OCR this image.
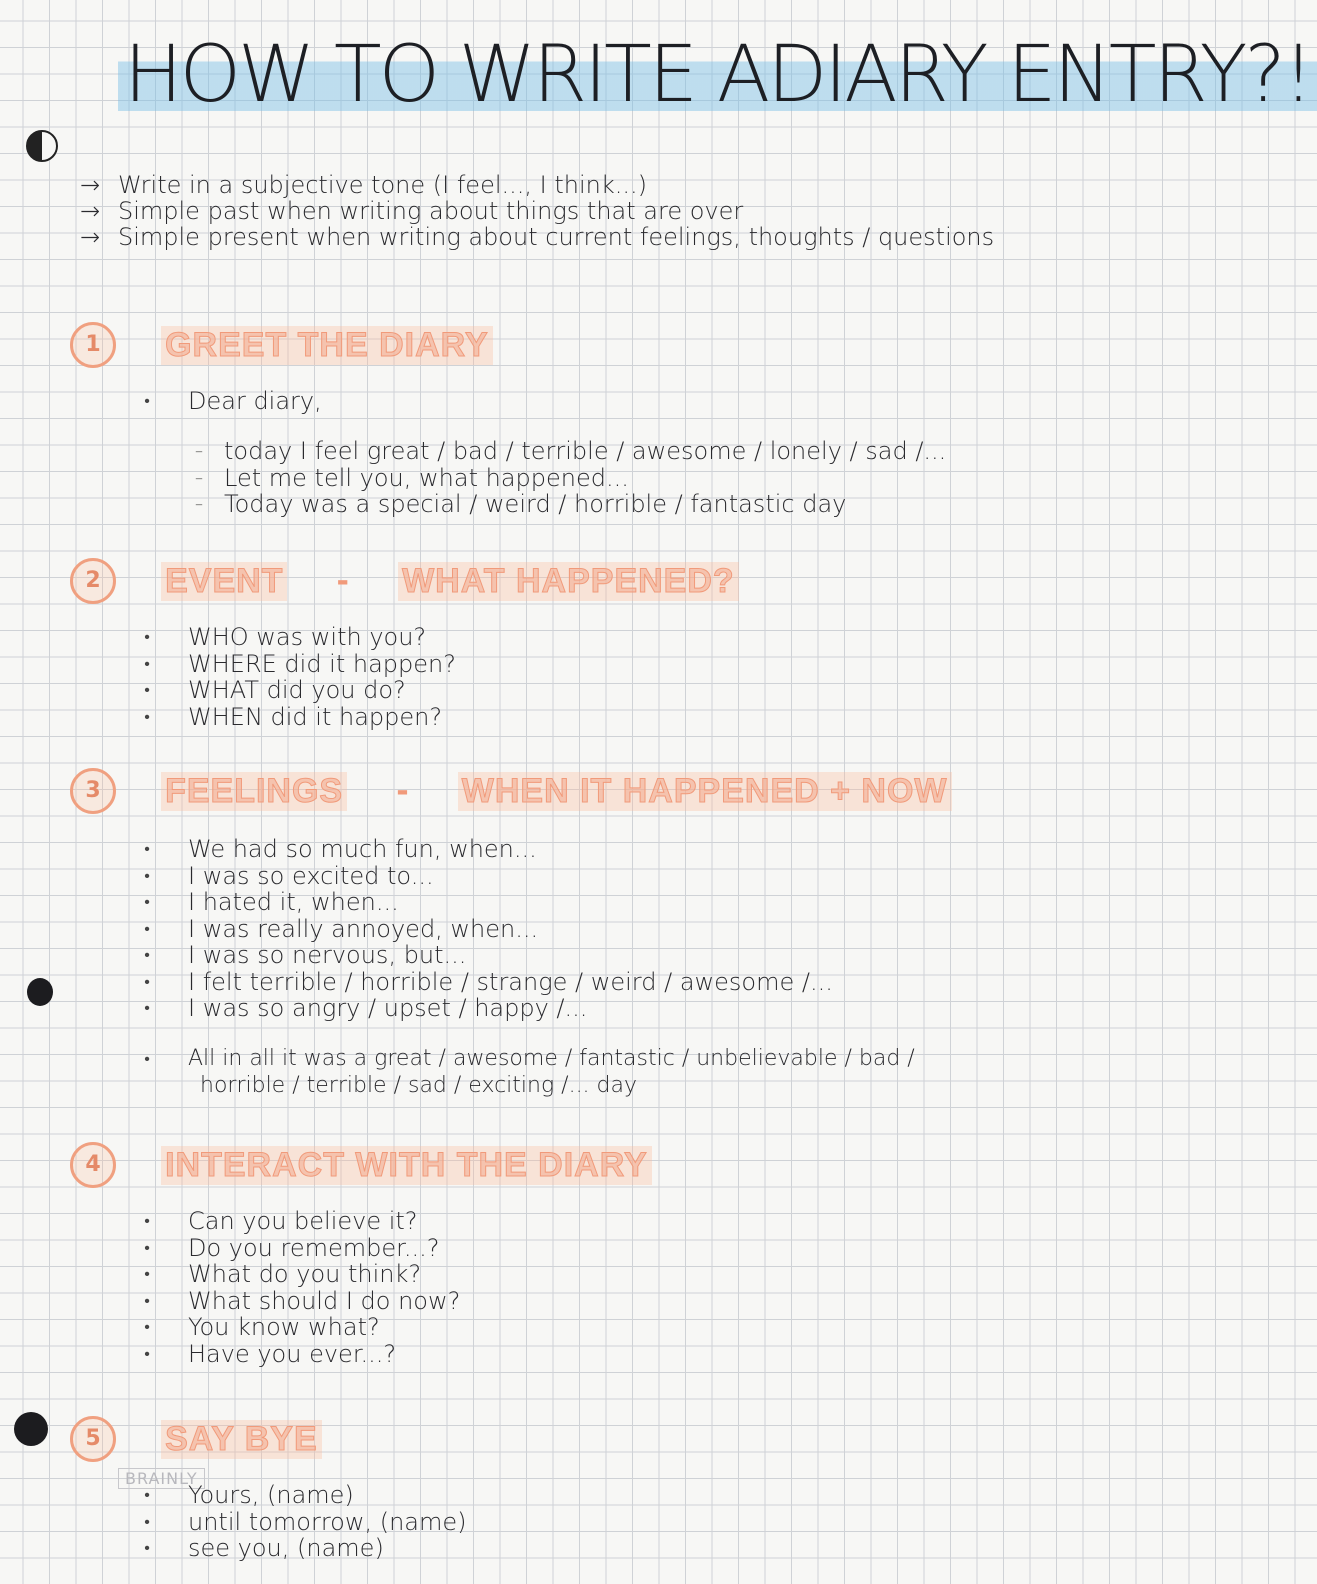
HOW TO WRITE ADIARY ENTRY?!
→ Write in a subjective tone (I feel..., I think...)
→ Simple past when writing about things that are over
→ Simple present when writing about current feelings, thoughts / questions
1 GREET THE DIARY
• Dear diary,
– today I feel great / bad / terrible / awesome / lonely / sad /...
– Let me tell you, what happened...
– Today was a special / weird / horrible / fantastic day
2 EVENT - WHAT HAPPENED?
• WHO was with you?
• WHERE did it happen?
• WHAT did you do?
• WHEN did it happen?
3 FEELINGS - WHEN IT HAPPENED + NOW
• We had so much fun, when...
• I was so excited to...
• I hated it, when...
• I was really annoyed, when...
• I was so nervous, but...
• I felt terrible / horrible / strange / weird / awesome /...
• I was so angry / upset / happy /...
• All in all it was a great / awesome / fantastic / unbelievable / bad /
horrible / terrible / sad / exciting /... day
4 INTERACT WITH THE DIARY
• Can you believe it?
• Do you remember...?
• What do you think?
• What should I do now?
• You know what?
• Have you ever...?
5 SAY BYE
BRAINLY
• Yours, (name)
• until tomorrow, (name)
• see you, (name)
